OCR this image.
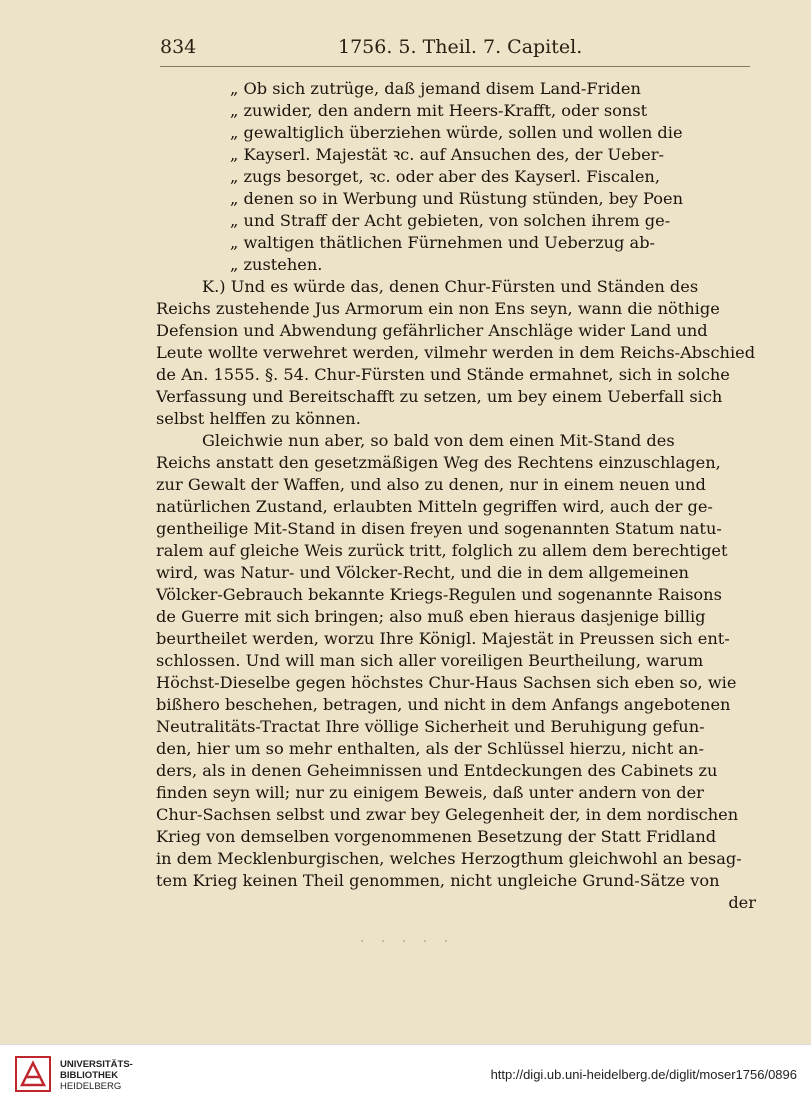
834	1756. 5. Theil. 7. Capitel.
„ Ob sich zutrüge, daß jemand disem Land-Friden
„ zuwider, den andern mit Heers-Krafft, oder sonst
„ gewaltiglich überziehen würde, sollen und wollen die
„ Kayserl. Majestät ꝛc. auf Ansuchen des, der Ueber-
„ zugs besorget, ꝛc. oder aber des Kayserl. Fiscalen,
„ denen so in Werbung und Rüstung stünden, bey Poen
„ und Straff der Acht gebieten, von solchen ihrem ge-
„ waltigen thätlichen Fürnehmen und Ueberzug ab-
„ zustehen.
K.) Und es würde das, denen Chur-Fürsten und Ständen des
Reichs zustehende Jus Armorum ein non Ens seyn, wann die nöthige
Defension und Abwendung gefährlicher Anschläge wider Land und
Leute wollte verwehret werden, vilmehr werden in dem Reichs-Abschied
de An. 1555. §. 54. Chur-Fürsten und Stände ermahnet, sich in solche
Verfassung und Bereitschafft zu setzen, um bey einem Ueberfall sich
selbst helffen zu können.
Gleichwie nun aber, so bald von dem einen Mit-Stand des
Reichs anstatt den gesetzmäßigen Weg des Rechtens einzuschlagen,
zur Gewalt der Waffen, und also zu denen, nur in einem neuen und
natürlichen Zustand, erlaubten Mitteln gegriffen wird, auch der ge-
gentheilige Mit-Stand in disen freyen und sogenannten Statum natu-
ralem auf gleiche Weis zurück tritt, folglich zu allem dem berechtiget
wird, was Natur- und Völcker-Recht, und die in dem allgemeinen
Völcker-Gebrauch bekannte Kriegs-Regulen und sogenannte Raisons
de Guerre mit sich bringen; also muß eben hieraus dasjenige billig
beurtheilet werden, worzu Ihre Königl. Majestät in Preussen sich ent-
schlossen. Und will man sich aller voreiligen Beurtheilung, warum
Höchst-Dieselbe gegen höchstes Chur-Haus Sachsen sich eben so, wie
bißhero beschehen, betragen, und nicht in dem Anfangs angebotenen
Neutralitäts-Tractat Ihre völlige Sicherheit und Beruhigung gefun-
den, hier um so mehr enthalten, als der Schlüssel hierzu, nicht an-
ders, als in denen Geheimnissen und Entdeckungen des Cabinets zu
finden seyn will; nur zu einigem Beweis, daß unter andern von der
Chur-Sachsen selbst und zwar bey Gelegenheit der, in dem nordischen
Krieg von demselben vorgenommenen Besetzung der Statt Fridland
in dem Mecklenburgischen, welches Herzogthum gleichwohl an besag-
tem Krieg keinen Theil genommen, nicht ungleiche Grund-Sätze von
der
· · · · ·
UNIVERSITÄTS-
BIBLIOTHEK
HEIDELBERG
http://digi.ub.uni-heidelberg.de/diglit/moser1756/0896
